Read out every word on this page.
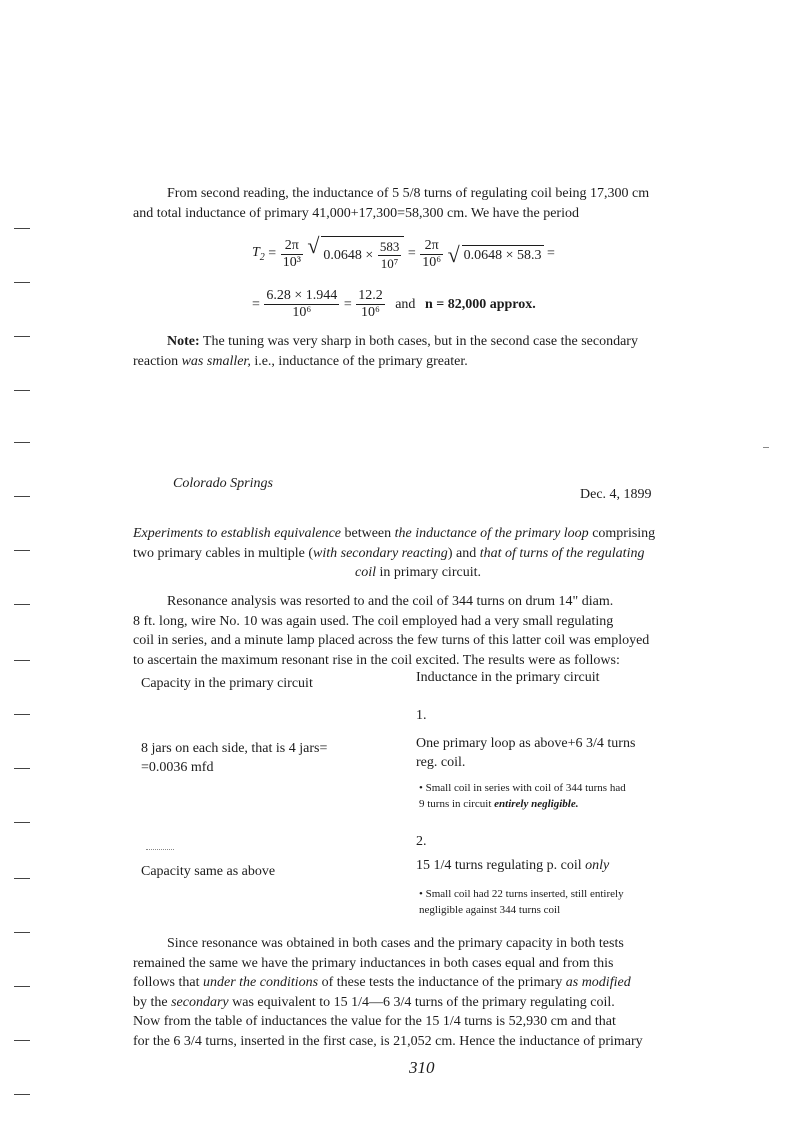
From second reading, the inductance of 5 5/8 turns of regulating coil being 17,300 cm
and total inductance of primary 41,000+17,300=58,300 cm. We have the period
$T_2 = \frac{2\pi}{\text{10³}}$
√ $0.0648 \times \frac{583}{\text{10⁷}} = \frac{2\pi}{\text{10⁶}}$
√ 0.0648 × 58.3 =
= $\frac{6.28 \times 1.944}{\text{10⁶}} = \frac{12.2}{\text{10⁶}}$ and n = 82,000 approx.
Note: The tuning was very sharp in both cases, but in the second case the secondary
reaction was smaller, i.e., inductance of the primary greater.
Colorado Springs
Dec. 4, 1899
Experiments to establish equivalence between the inductance of the primary loop comprising
two primary cables in multiple (with secondary reacting) and that of turns of the regulating
coil in primary circuit.
Resonance analysis was resorted to and the coil of 344 turns on drum 14" diam.
8 ft. long, wire No. 10 was again used. The coil employed had a very small regulating
coil in series, and a minute lamp placed across the few turns of this latter coil was employed
to ascertain the maximum resonant rise in the coil excited. The results were as follows:
Capacity in the primary circuit	Inductance in the primary circuit
1.
8 jars on each side, that is 4 jars=
=0.0036 mfd
One primary loop as above+6 3/4 turns
reg. coil.
• Small coil in series with coil of 344 turns had
9 turns in circuit entirely negligible.
2.
Capacity same as above	15 1/4 turns regulating p. coil only
• Small coil had 22 turns inserted, still entirely
negligible against 344 turns coil
Since resonance was obtained in both cases and the primary capacity in both tests
remained the same we have the primary inductances in both cases equal and from this
follows that under the conditions of these tests the inductance of the primary as modified
by the secondary was equivalent to 15 1/4—6 3/4 turns of the primary regulating coil.
Now from the table of inductances the value for the 15 1/4 turns is 52,930 cm and that
for the 6 3/4 turns, inserted in the first case, is 21,052 cm. Hence the inductance of primary
310
